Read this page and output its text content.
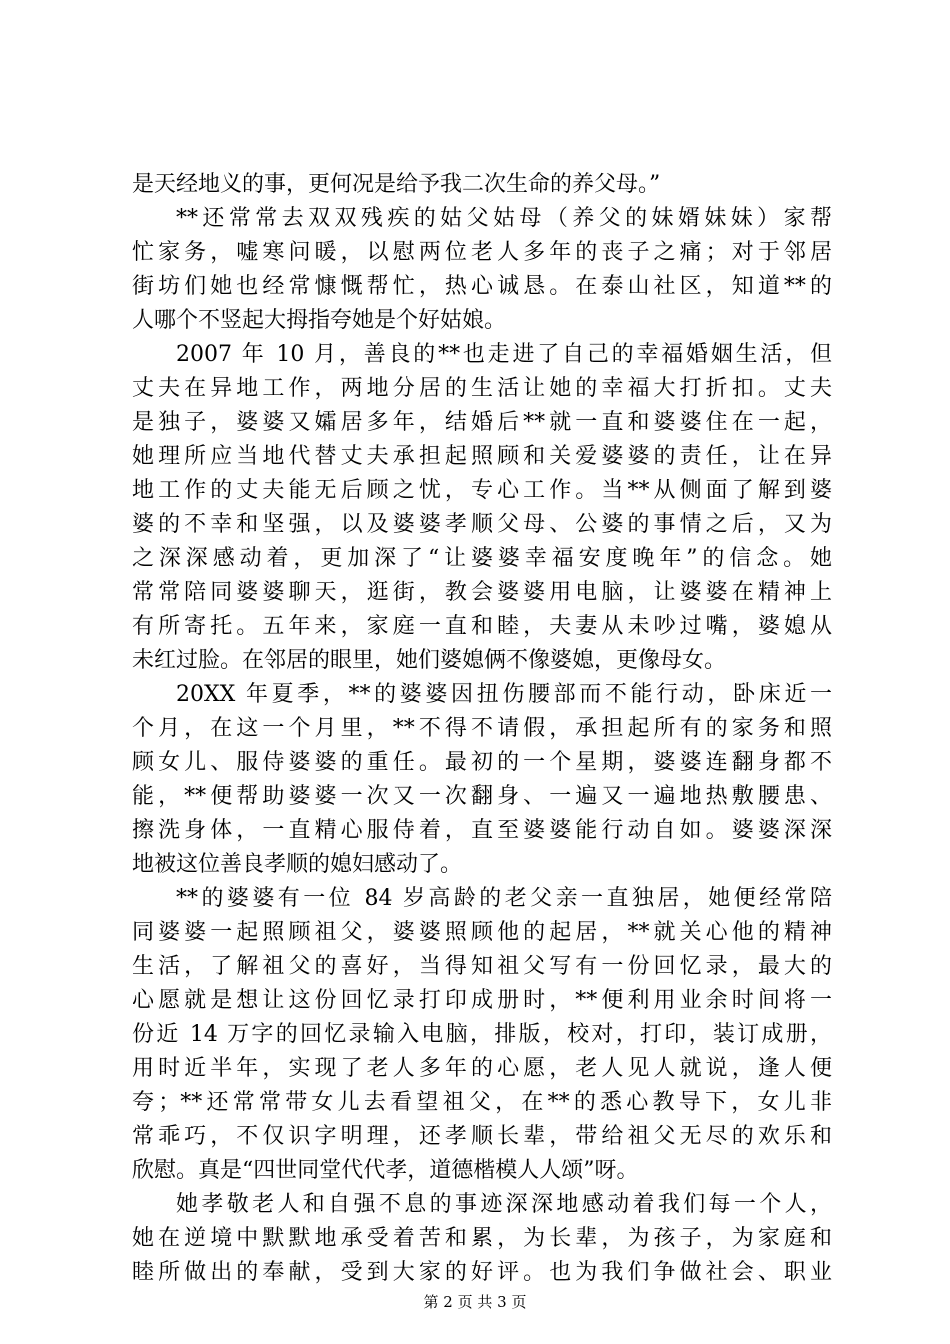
是天经地义的事，更何况是给予我二次生命的养父母。”
**还常常去双双残疾的姑父姑母（养父的妹婿妹妹）家帮
忙家务，嘘寒问暖，以慰两位老人多年的丧子之痛；对于邻居
街坊们她也经常慷慨帮忙，热心诚恳。在泰山社区，知道**的
人哪个不竖起大拇指夸她是个好姑娘。
2007 年 10 月，善良的**也走进了自己的幸福婚姻生活，但
丈夫在异地工作，两地分居的生活让她的幸福大打折扣。丈夫
是独子，婆婆又孀居多年，结婚后**就一直和婆婆住在一起，
她理所应当地代替丈夫承担起照顾和关爱婆婆的责任，让在异
地工作的丈夫能无后顾之忧，专心工作。当**从侧面了解到婆
婆的不幸和坚强，以及婆婆孝顺父母、公婆的事情之后，又为
之深深感动着，更加深了“让婆婆幸福安度晚年”的信念。她
常常陪同婆婆聊天，逛街，教会婆婆用电脑，让婆婆在精神上
有所寄托。五年来，家庭一直和睦，夫妻从未吵过嘴，婆媳从
未红过脸。在邻居的眼里，她们婆媳俩不像婆媳，更像母女。
20XX 年夏季，**的婆婆因扭伤腰部而不能行动，卧床近一
个月，在这一个月里，**不得不请假，承担起所有的家务和照
顾女儿、服侍婆婆的重任。最初的一个星期，婆婆连翻身都不
能，**便帮助婆婆一次又一次翻身、一遍又一遍地热敷腰患、
擦洗身体，一直精心服侍着，直至婆婆能行动自如。婆婆深深
地被这位善良孝顺的媳妇感动了。
**的婆婆有一位 84 岁高龄的老父亲一直独居，她便经常陪
同婆婆一起照顾祖父，婆婆照顾他的起居，**就关心他的精神
生活，了解祖父的喜好，当得知祖父写有一份回忆录，最大的
心愿就是想让这份回忆录打印成册时，**便利用业余时间将一
份近 14 万字的回忆录输入电脑，排版，校对，打印，装订成册，
用时近半年，实现了老人多年的心愿，老人见人就说，逢人便
夸；**还常常带女儿去看望祖父，在**的悉心教导下，女儿非
常乖巧，不仅识字明理，还孝顺长辈，带给祖父无尽的欢乐和
欣慰。真是“四世同堂代代孝，道德楷模人人颂”呀。
她孝敬老人和自强不息的事迹深深地感动着我们每一个人，
她在逆境中默默地承受着苦和累，为长辈，为孩子，为家庭和
睦所做出的奉献，受到大家的好评。也为我们争做社会、职业
第 2 页 共 3 页
